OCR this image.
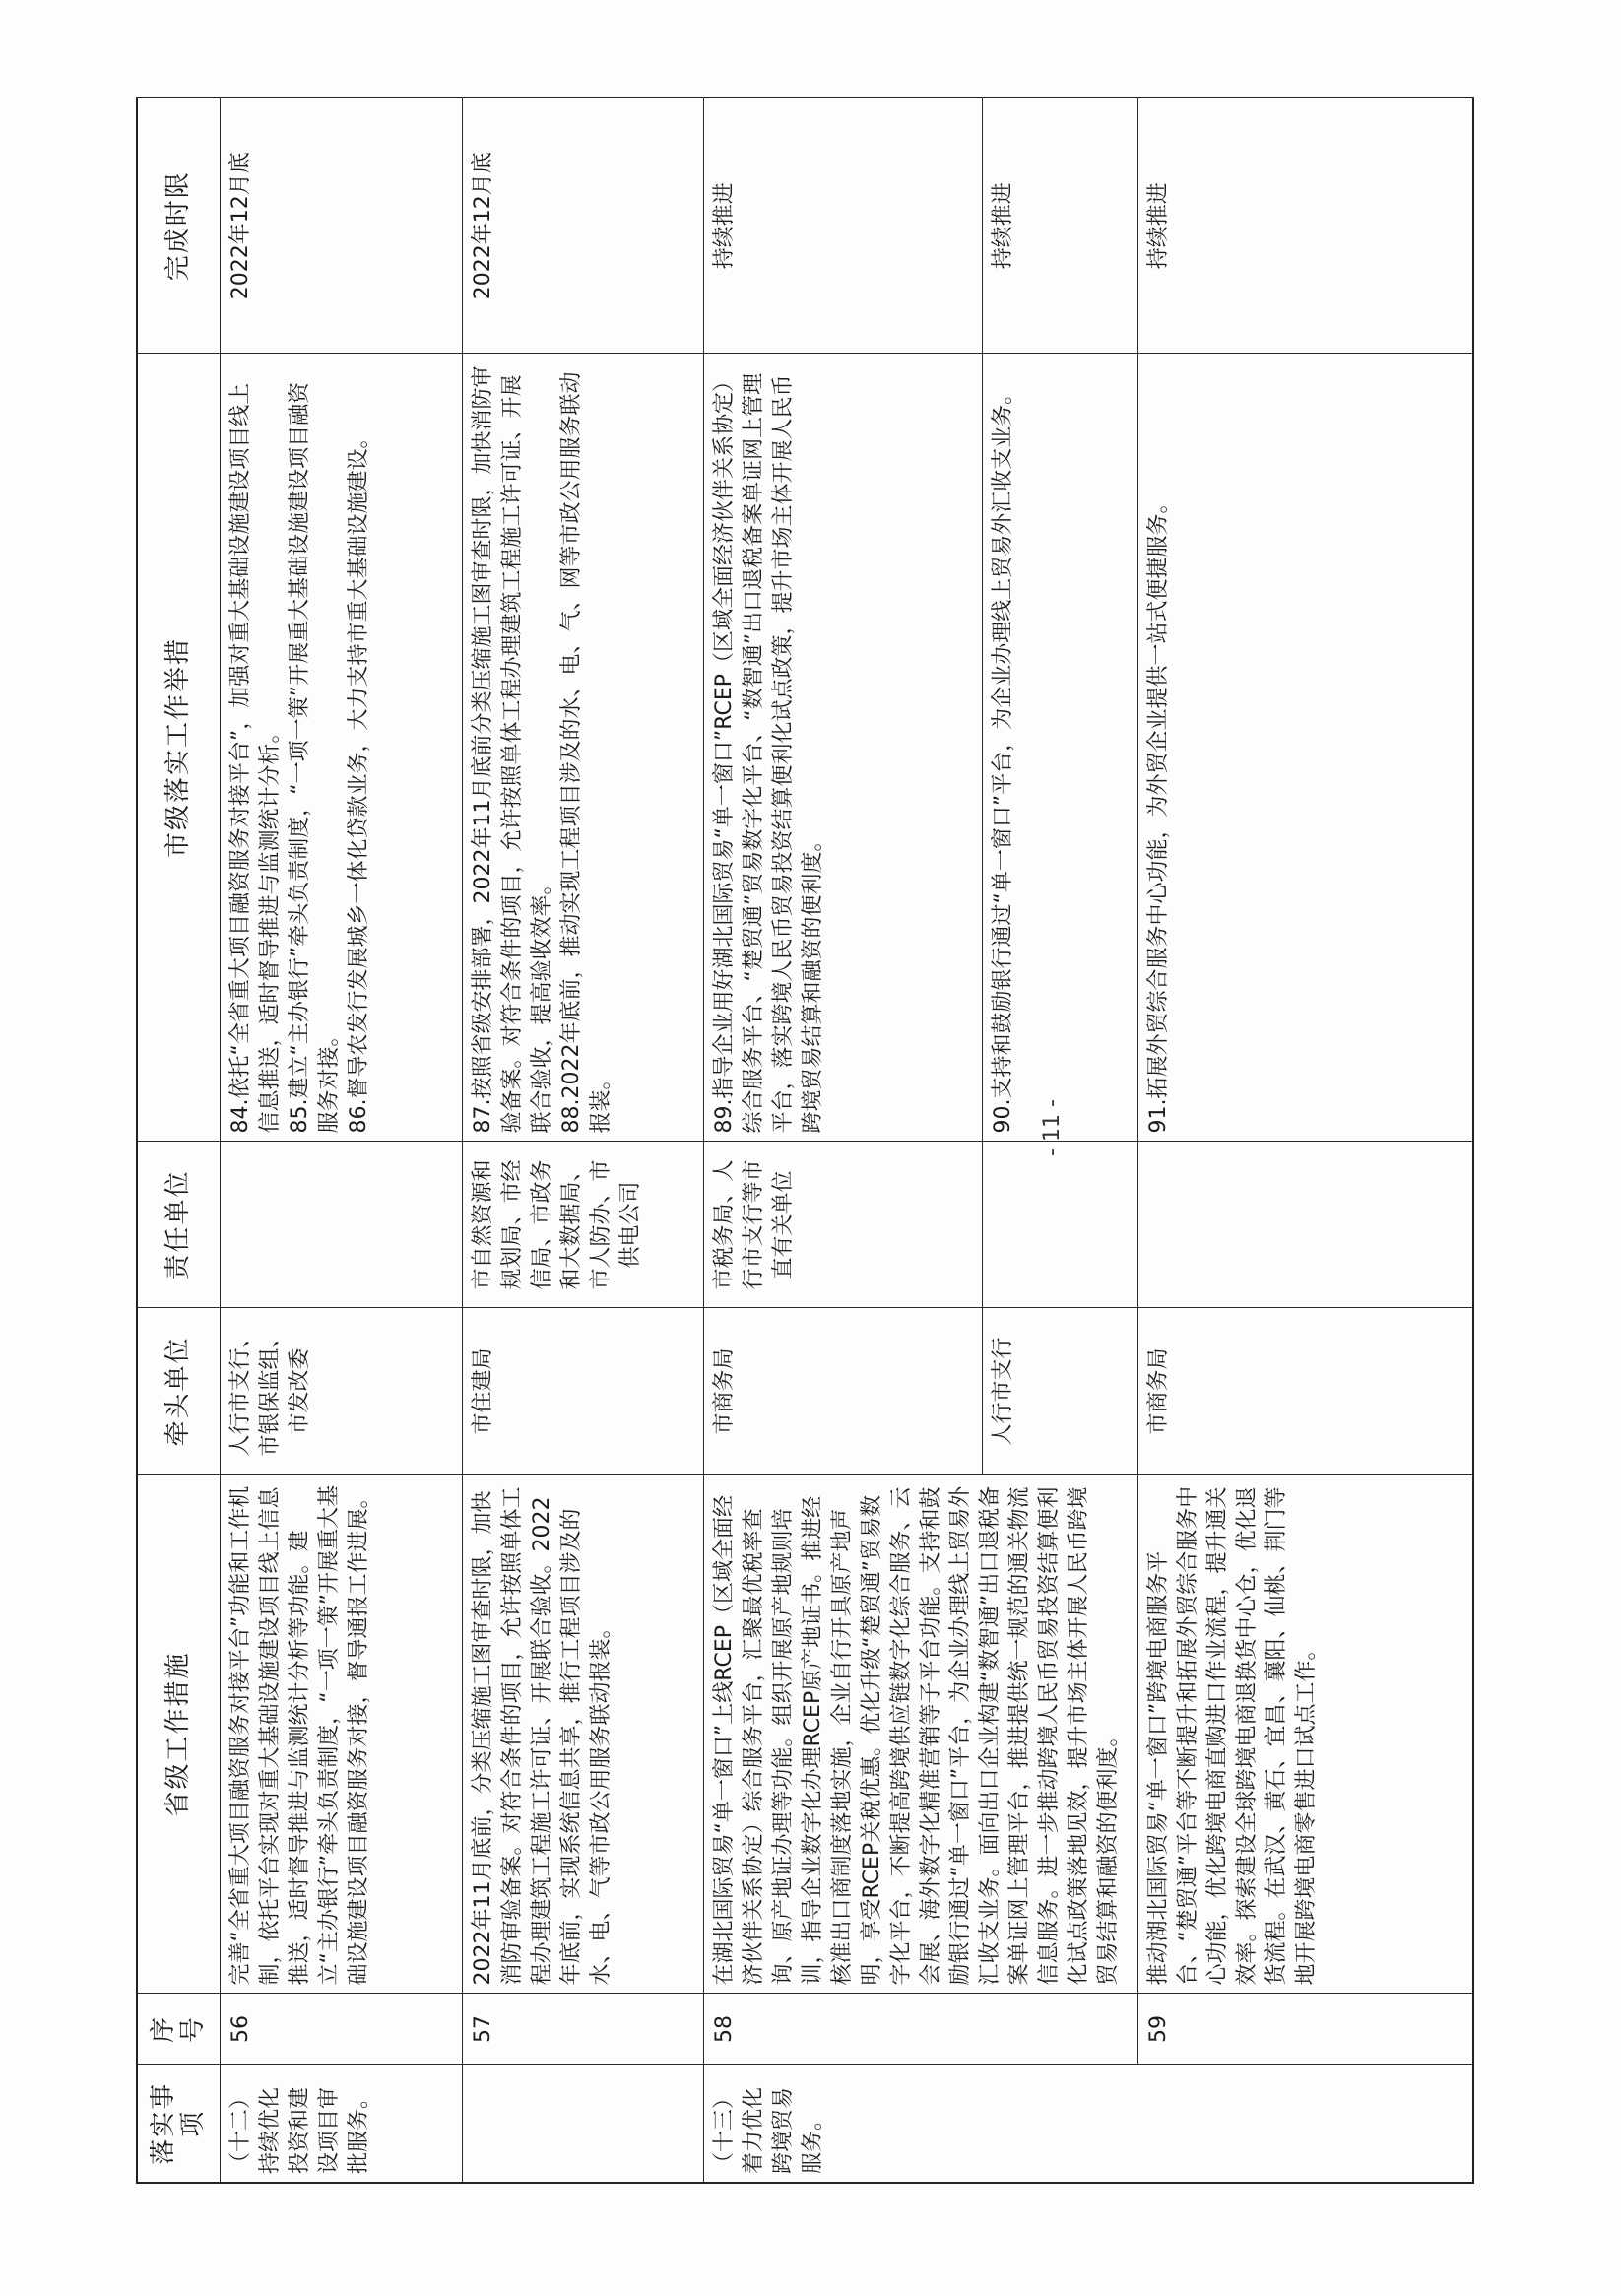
落实事项	序号	省级工作措施	牵头单位	责任单位	市级落实工作举措	完成时限
（十二）持续优化投资和建设项目审批服务。	56	完善“全省重大项目融资服务对接平台”功能和工作机制，依托平台实现对重大基础设施建设项目线上信息推送，适时督导推进与监测统计分析等功能。建立“主办银行”牵头负责制度，“一项一策”开展重大基础设施建设项目融资服务对接，督导通报工作进展。	人行市支行、市银保监组、市发改委		84.依托“全省重大项目融资服务对接平台”，加强对重大基础设施建设项目线上信息推送，适时督导推进与监测统计分析。 85.建立“主办银行”牵头负责制度，“一项一策”开展重大基础设施建设项目融资服务对接。 86.督导农发行发展城乡一体化贷款业务，大力支持市重大基础设施建设。	2022年12月底
	57	2022年11月底前，分类压缩施工图审查时限，加快消防审验备案。对符合条件的项目，允许按照单体工程办理建筑工程施工许可证、开展联合验收。2022年底前，实现系统信息共享，推行工程项目涉及的水、电、气等市政公用服务联动报装。	市住建局	市自然资源和规划局、市经信局、市政务和大数据局、市人防办、市供电公司	87.按照省级安排部署，2022年11月底前分类压缩施工图审查时限，加快消防审验备案。对符合条件的项目，允许按照单体工程办理建筑工程施工许可证、开展联合验收，提高验收效率。 88.2022年底前，推动实现工程项目涉及的水、电、气、网等市政公用服务联动报装。	2022年12月底
（十三）着力优化跨境贸易服务。	58	在湖北国际贸易“单一窗口”上线RCEP（区域全面经济伙伴关系协定）综合服务平台，汇聚最优税率查询、原产地证办理等功能。组织开展原产地规则培训，指导企业数字化办理RCEP原产地证书。推进经核准出口商制度落地实施，企业自行开具原产地声明，享受RCEP关税优惠。优化升级“楚贸通”贸易数字化平台，不断提高跨境供应链数字化综合服务、云会展、海外数字化精准营销等子平台功能。支持和鼓励银行通过“单一窗口”平台，为企业办理线上贸易外汇收支业务。面向出口企业构建“数智通”出口退税备案单证网上管理平台，推进提供统一规范的通关物流信息服务。进一步推动跨境人民币贸易投资结算便利化试点政策落地见效，提升市场主体开展人民币跨境贸易结算和融资的便利度。	市商务局	市税务局、人行市支行等市直有关单位	89.指导企业用好湖北国际贸易“单一窗口”RCEP（区域全面经济伙伴关系协定）综合服务平台、“楚贸通”贸易数字化平台、“数智通”出口退税备案单证网上管理平台，落实跨境人民币贸易投资结算便利化试点政策，提升市场主体开展人民币跨境贸易结算和融资的便利度。	持续推进
			人行市支行		90.支持和鼓励银行通过“单一窗口”平台，为企业办理线上贸易外汇收支业务。	持续推进
	59	推动湖北国际贸易“单一窗口”跨境电商服务平台、“楚贸通”平台等不断提升和拓展外贸综合服务中心功能，优化跨境电商直购进口作业流程，提升通关效率。探索建设全球跨境电商退换货中心仓，优化退货流程。在武汉、黄石、宜昌、襄阳、仙桃、荆门等地开展跨境电商零售进口试点工作。	市商务局		91.拓展外贸综合服务中心功能，为外贸企业提供一站式便捷服务。	持续推进
- 11 -
